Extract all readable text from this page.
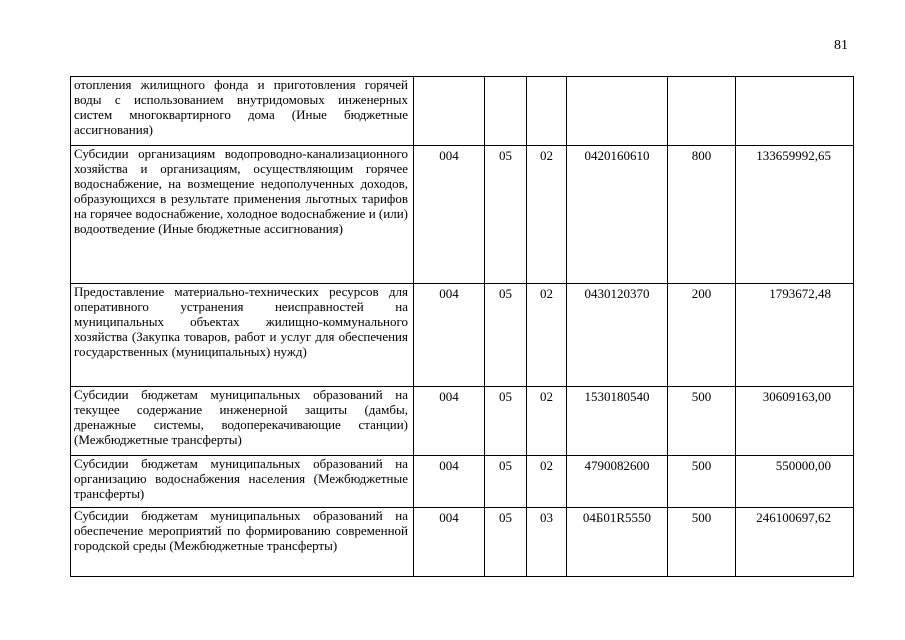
81
отопления жилищного фонда и приготовления горячей воды с использованием внутридомовых инженерных систем многоквартирного дома (Иные бюджетные ассигнования)						
Субсидии организациям водопроводно-канализационного хозяйства и организациям, осуществляющим горячее водоснабжение, на возмещение недополученных доходов, образующихся в результате применения льготных тарифов на горячее водоснабжение, холодное водоснабжение и (или) водоотведение (Иные бюджетные ассигнования)	004	05	02	0420160610	800	133659992,65
Предоставление материально-технических ресурсов для оперативного устранения неисправностей на муниципальных объектах жилищно-коммунального хозяйства (Закупка товаров, работ и услуг для обеспечения государственных (муниципальных) нужд)	004	05	02	0430120370	200	1793672,48
Субсидии бюджетам муниципальных образований на текущее содержание инженерной защиты (дамбы, дренажные системы, водоперекачивающие станции) (Межбюджетные трансферты)	004	05	02	1530180540	500	30609163,00
Субсидии бюджетам муниципальных образований на организацию водоснабжения населения (Межбюджетные трансферты)	004	05	02	4790082600	500	550000,00
Субсидии бюджетам муниципальных образований на обеспечение мероприятий по формированию современной городской среды (Межбюджетные трансферты)	004	05	03	04Б01R5550	500	246100697,62
